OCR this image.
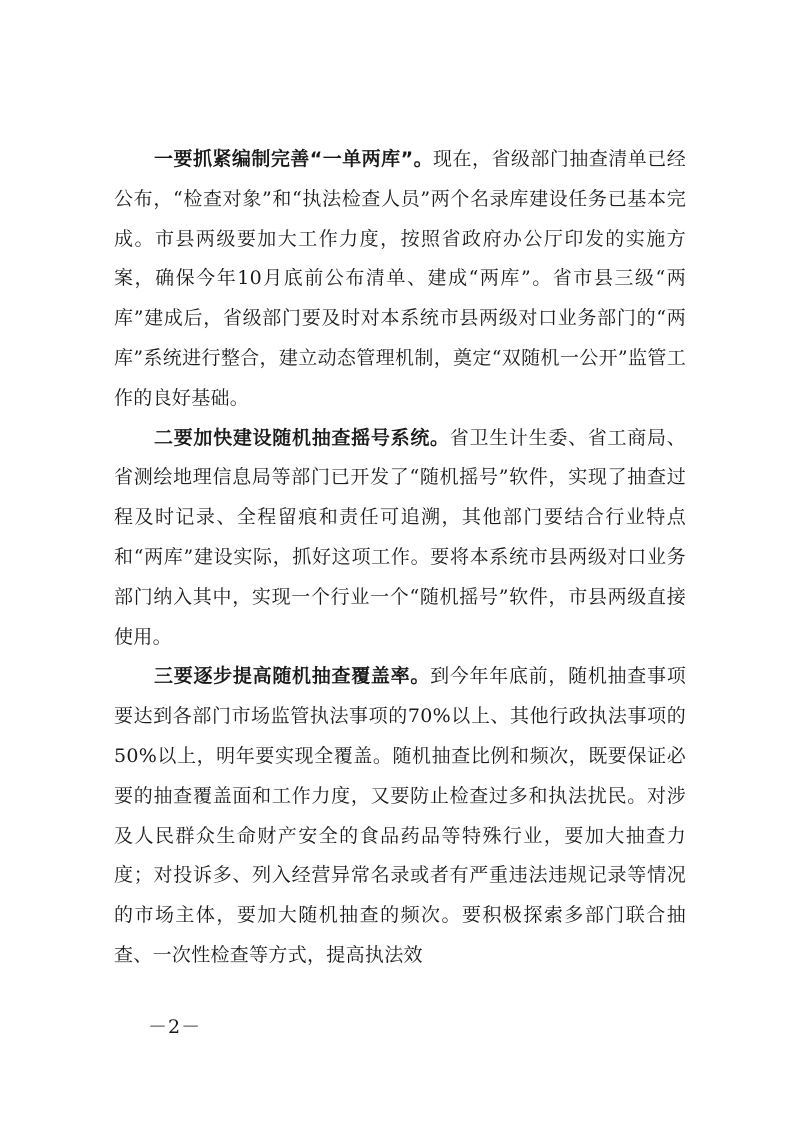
一要抓紧编制完善“一单两库”。现在，省级部门抽查清单已经公布，“检查对象”和“执法检查人员”两个名录库建设任务已基本完成。市县两级要加大工作力度，按照省政府办公厅印发的实施方案，确保今年10月底前公布清单、建成“两库”。省市县三级“两库”建成后，省级部门要及时对本系统市县两级对口业务部门的“两库”系统进行整合，建立动态管理机制，奠定“双随机一公开”监管工作的良好基础。

二要加快建设随机抽查摇号系统。省卫生计生委、省工商局、省测绘地理信息局等部门已开发了“随机摇号”软件，实现了抽查过程及时记录、全程留痕和责任可追溯，其他部门要结合行业特点和“两库”建设实际，抓好这项工作。要将本系统市县两级对口业务部门纳入其中，实现一个行业一个“随机摇号”软件，市县两级直接使用。

三要逐步提高随机抽查覆盖率。到今年年底前，随机抽查事项要达到各部门市场监管执法事项的70%以上、其他行政执法事项的50%以上，明年要实现全覆盖。随机抽查比例和频次，既要保证必要的抽查覆盖面和工作力度，又要防止检查过多和执法扰民。对涉及人民群众生命财产安全的食品药品等特殊行业，要加大抽查力度；对投诉多、列入经营异常名录或者有严重违法违规记录等情况的市场主体，要加大随机抽查的频次。要积极探索多部门联合抽查、一次性检查等方式，提高执法效

－2－
